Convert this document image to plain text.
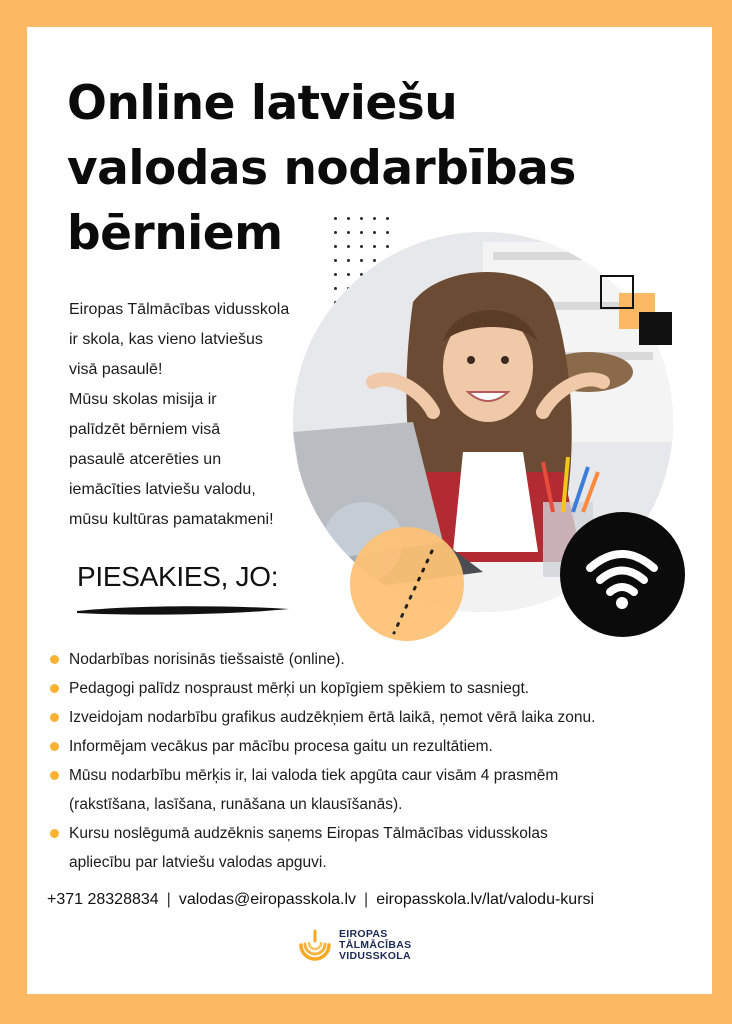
Online latviešu
valodas nodarbības
bērniem
Eiropas Tālmācības vidusskola
ir skola, kas vieno latviešus
visā pasaulē!
Mūsu skolas misija ir
palīdzēt bērniem visā
pasaulē atcerēties un
iemācīties latviešu valodu,
mūsu kultūras pamatakmeni!
PIESAKIES, JO:
Nodarbības norisinās tiešsaistē (online).
Pedagogi palīdz nospraust mērķi un kopīgiem spēkiem to sasniegt.
Izveidojam nodarbību grafikus audzēkņiem ērtā laikā, ņemot vērā laika zonu.
Informējam vecākus par mācību procesa gaitu un rezultātiem.
Mūsu nodarbību mērķis ir, lai valoda tiek apgūta caur visām 4 prasmēm
(rakstīšana, lasīšana, runāšana un klausīšanās).
Kursu noslēgumā audzēknis saņems Eiropas Tālmācības vidusskolas
apliecību par latviešu valodas apguvi.
+371 28328834 | valodas@eiropasskola.lv | eiropasskola.lv/lat/valodu-kursi
EIROPAS
TĀLMĀCĪBAS
VIDUSSKOLA
